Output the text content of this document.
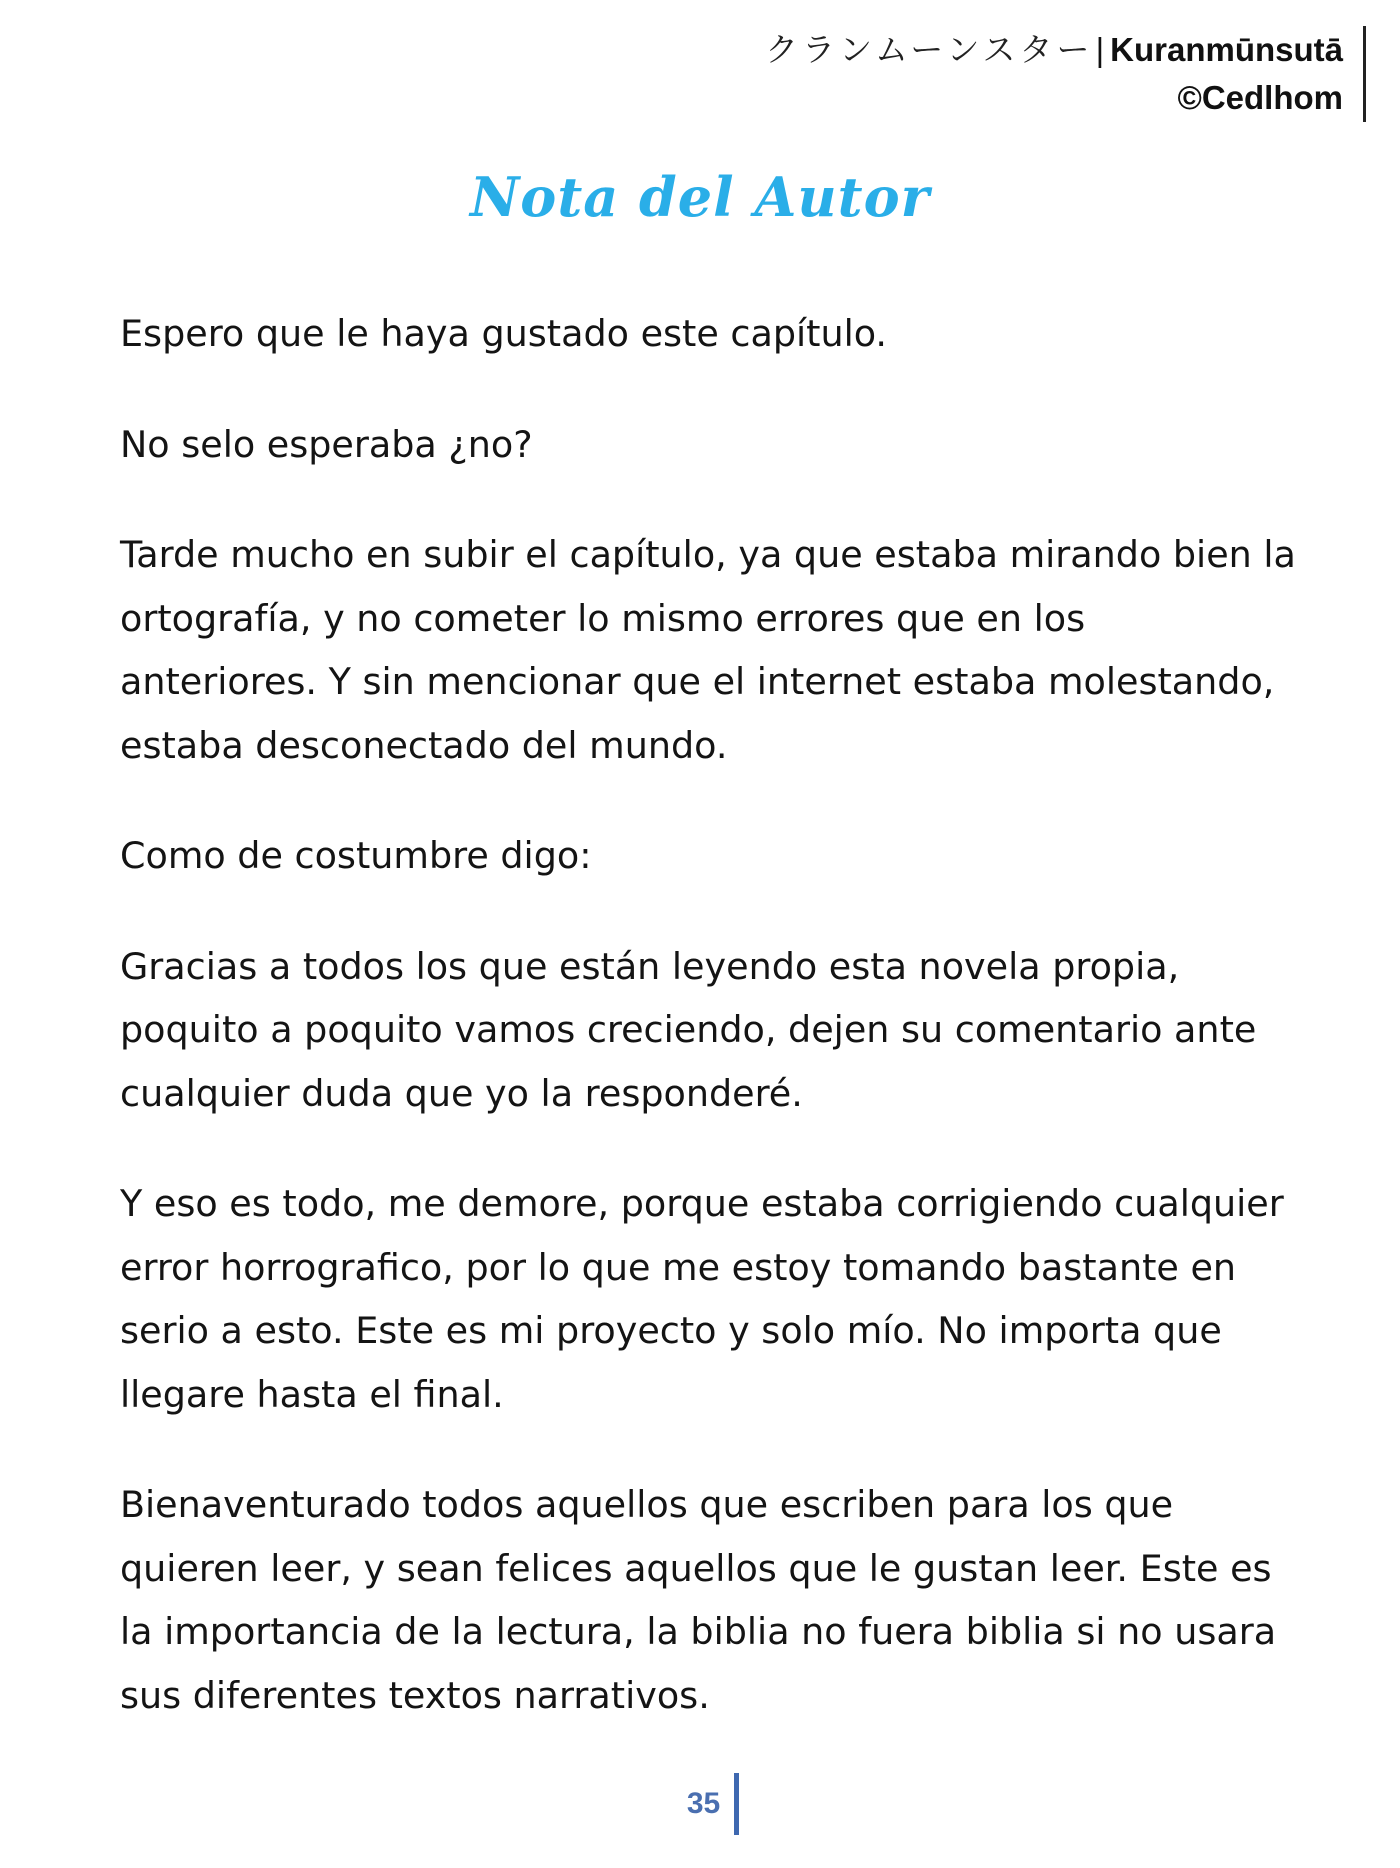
クランムーンスター| Kuranmūnsutā
©Cedlhom
Nota del Autor

Espero que le haya gustado este capítulo.

No selo esperaba ¿no?

Tarde mucho en subir el capítulo, ya que estaba mirando bien la
ortografía, y no cometer lo mismo errores que en los
anteriores. Y sin mencionar que el internet estaba molestando,
estaba desconectado del mundo.

Como de costumbre digo:

Gracias a todos los que están leyendo esta novela propia,
poquito a poquito vamos creciendo, dejen su comentario ante
cualquier duda que yo la responderé.

Y eso es todo, me demore, porque estaba corrigiendo cualquier
error horrografico, por lo que me estoy tomando bastante en
serio a esto. Este es mi proyecto y solo mío. No importa que
llegare hasta el final.

Bienaventurado todos aquellos que escriben para los que
quieren leer, y sean felices aquellos que le gustan leer. Este es
la importancia de la lectura, la biblia no fuera biblia si no usara
sus diferentes textos narrativos.

35
